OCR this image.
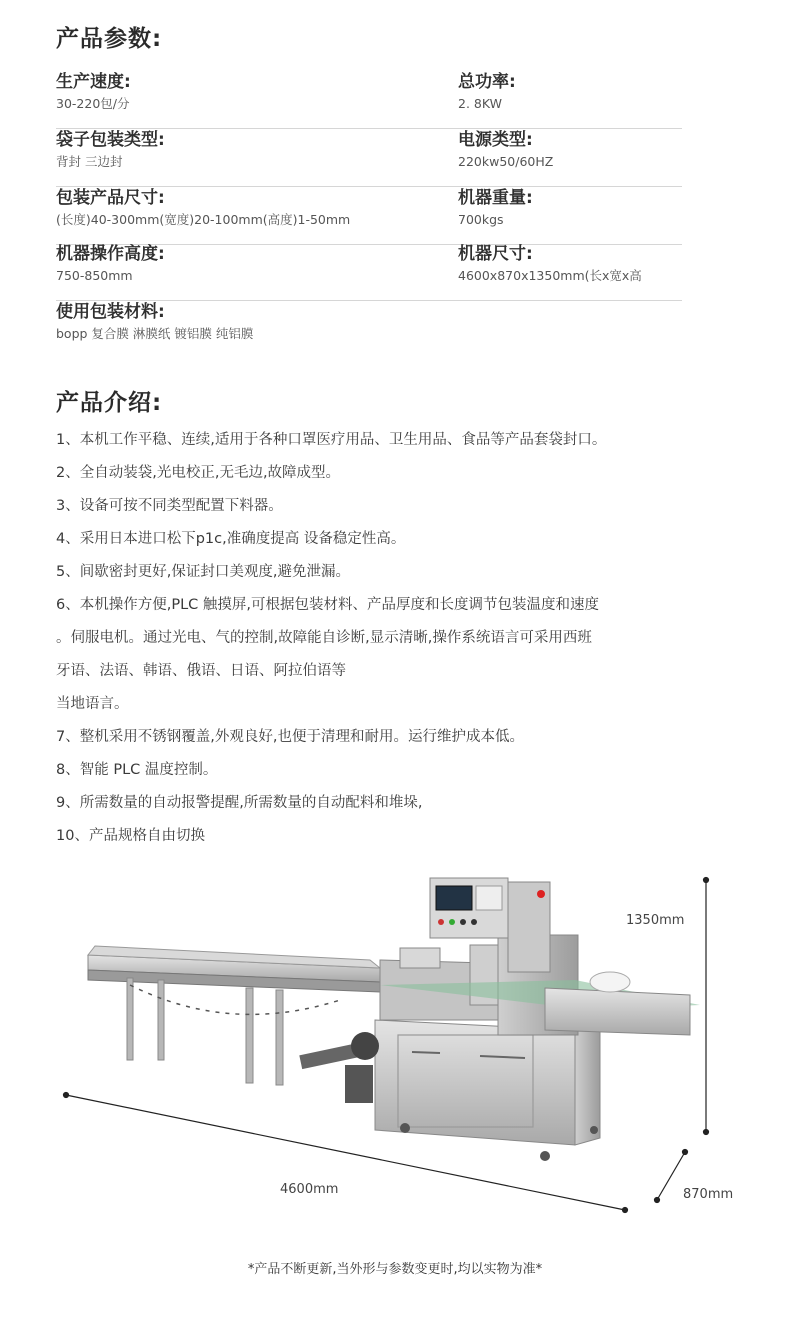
产品参数:
生产速度:
30-220包/分
总功率:
2. 8KW
袋子包装类型:
背封 三边封
电源类型:
220kw50/60HZ
包装产品尺寸:
(长度)40-300mm(宽度)20-100mm(高度)1-50mm
机器重量:
700kgs
机器操作高度:
750-850mm
机器尺寸:
4600x870x1350mm(长x宽x高
使用包装材料:
bopp 复合膜 淋膜纸 镀铝膜 纯铝膜
产品介绍:
1、本机工作平稳、连续,适用于各种口罩医疗用品、卫生用品、食品等产品套袋封口。
2、全自动装袋,光电校正,无毛边,故障成型。
3、设备可按不同类型配置下料器。
4、采用日本进口松下p1c,准确度提高 设备稳定性高。
5、间歇密封更好,保证封口美观度,避免泄漏。
6、本机操作方便,PLC 触摸屏,可根据包装材料、产品厚度和长度调节包装温度和速度
。伺服电机。通过光电、气的控制,故障能自诊断,显示清晰,操作系统语言可采用西班
牙语、法语、韩语、俄语、日语、阿拉伯语等
当地语言。
7、整机采用不锈钢覆盖,外观良好,也便于清理和耐用。运行维护成本低。
8、智能 PLC 温度控制。
9、所需数量的自动报警提醒,所需数量的自动配料和堆垛,
10、产品规格自由切换
1350mm
4600mm	870mm
*产品不断更新,当外形与参数变更时,均以实物为准*
